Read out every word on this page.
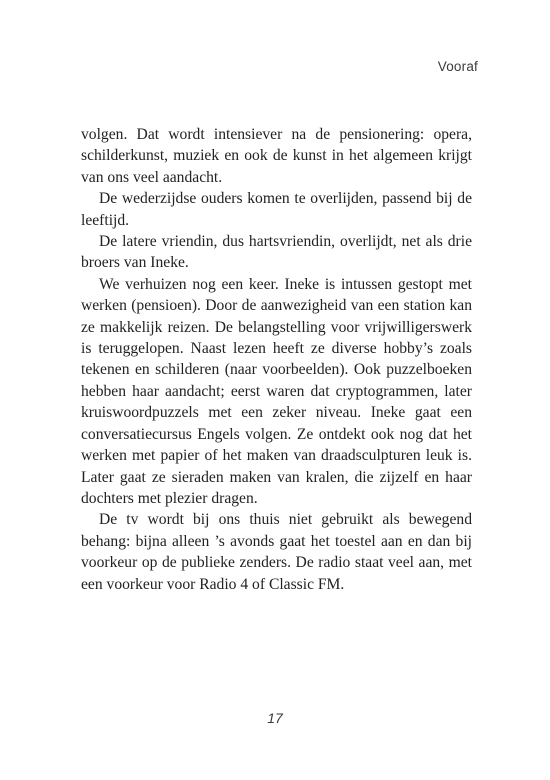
Vooraf

volgen. Dat wordt intensiever na de pensionering: opera, schilderkunst, muziek en ook de kunst in het algemeen krijgt van ons veel aandacht.

De wederzijdse ouders komen te overlijden, passend bij de leeftijd.

De latere vriendin, dus hartsvriendin, overlijdt, net als drie broers van Ineke.

We verhuizen nog een keer. Ineke is intussen gestopt met werken (pensioen). Door de aanwezigheid van een station kan ze makkelijk reizen. De belangstelling voor vrijwilligerswerk is teruggelopen. Naast lezen heeft ze diverse hobby’s zoals tekenen en schilderen (naar voorbeelden). Ook puzzelboeken hebben haar aandacht; eerst waren dat cryptogrammen, later kruiswoordpuzzels met een zeker niveau. Ineke gaat een conversatiecursus Engels volgen. Ze ontdekt ook nog dat het werken met papier of het maken van draadsculpturen leuk is. Later gaat ze sieraden maken van kralen, die zijzelf en haar dochters met plezier dragen.

De tv wordt bij ons thuis niet gebruikt als bewegend behang: bijna alleen ’s avonds gaat het toestel aan en dan bij voorkeur op de publieke zenders. De radio staat veel aan, met een voorkeur voor Radio 4 of Classic FM.

17
